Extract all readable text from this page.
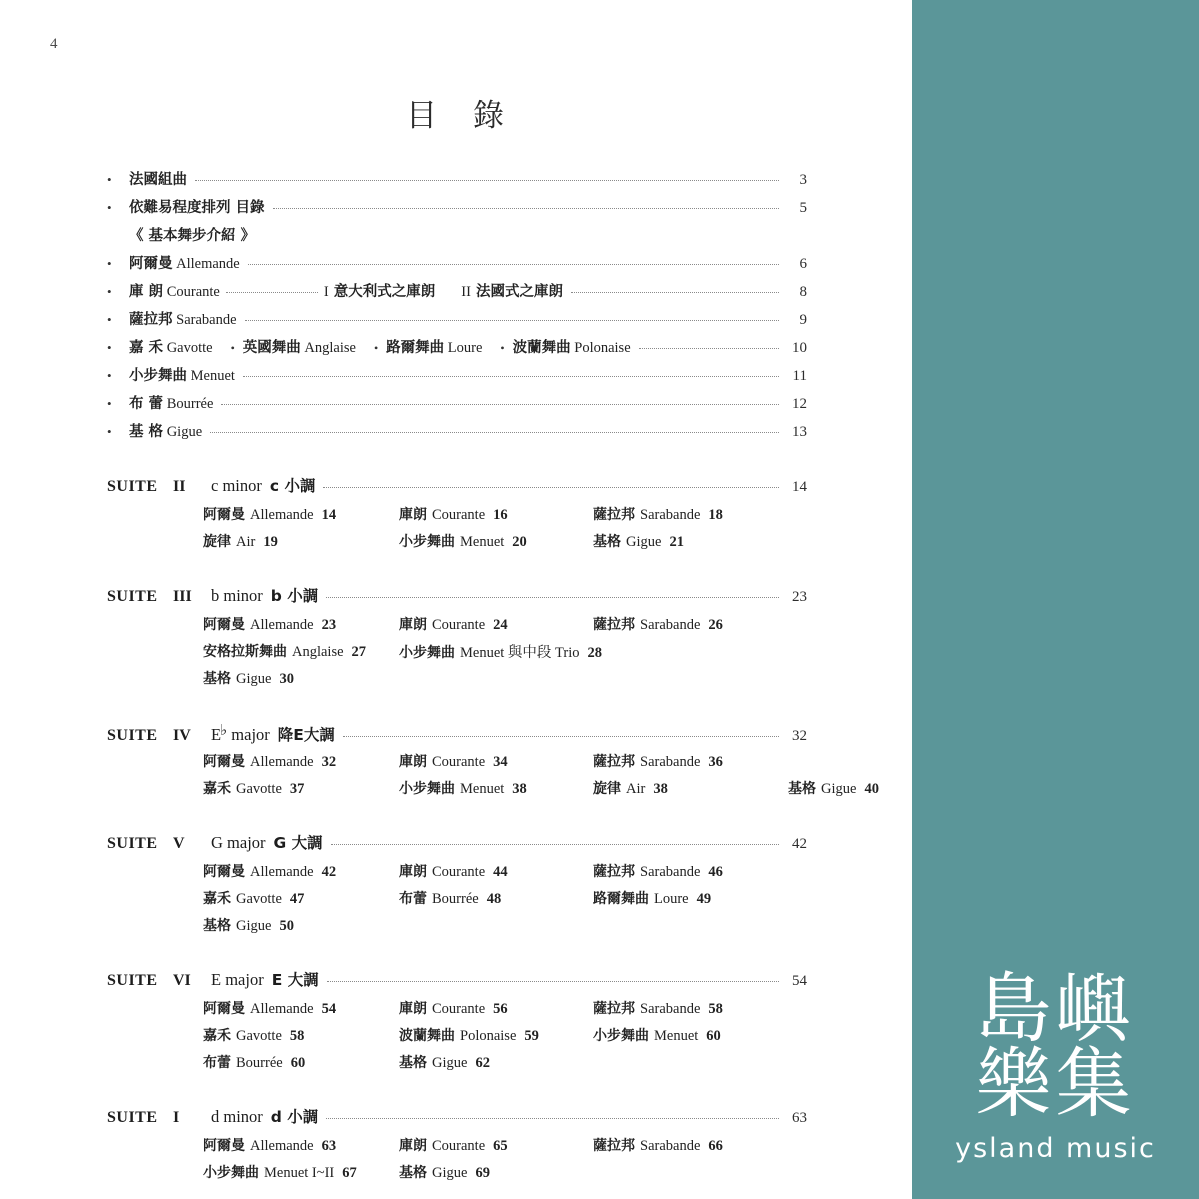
4
目 錄
•	法國組曲	3
•	依難易程度排列 目錄	5
《 基本舞步介紹 》
•	阿爾曼 Allemande	6
•	庫 朗 Courante	I 意大利式之庫朗 II 法國式之庫朗	8
•	薩拉邦 Sarabande	9
•	嘉 禾 Gavotte • 英國舞曲 Anglaise • 路爾舞曲 Loure • 波蘭舞曲 Polonaise	10
•	小步舞曲 Menuet	11
•	布 蕾 Bourrée	12
•	基 格 Gigue	13
SUITE II	c minor c 小調	14
阿爾曼 Allemande 14	庫朗 Courante 16	薩拉邦 Sarabande 18
旋律 Air 19	小步舞曲 Menuet 20	基格 Gigue 21
SUITE III	b minor b 小調	23
阿爾曼 Allemande 23	庫朗 Courante 24	薩拉邦 Sarabande 26
安格拉斯舞曲 Anglaise 27 小步舞曲 Menuet 與中段 Trio 28
基格 Gigue 30
SUITE IV	E♭ major 降E大調	32
阿爾曼 Allemande 32	庫朗 Courante 34	薩拉邦 Sarabande 36
嘉禾 Gavotte 37	小步舞曲 Menuet 38	旋律 Air 38	基格 Gigue 40
SUITE V	G major G 大調	42
阿爾曼 Allemande 42	庫朗 Courante 44	薩拉邦 Sarabande 46
嘉禾 Gavotte 47	布蕾 Bourrée 48	路爾舞曲 Loure 49
基格 Gigue 50
SUITE VI	E major E 大調	54
阿爾曼 Allemande 54	庫朗 Courante 56	薩拉邦 Sarabande 58
嘉禾 Gavotte 58	波蘭舞曲 Polonaise 59	小步舞曲 Menuet 60
布蕾 Bourrée 60	基格 Gigue 62
SUITE I	d minor d 小調	63
阿爾曼 Allemande 63	庫朗 Courante 65	薩拉邦 Sarabande 66
小步舞曲 Menuet I~II 67	基格 Gigue 69
島嶼
樂集
ysland music
